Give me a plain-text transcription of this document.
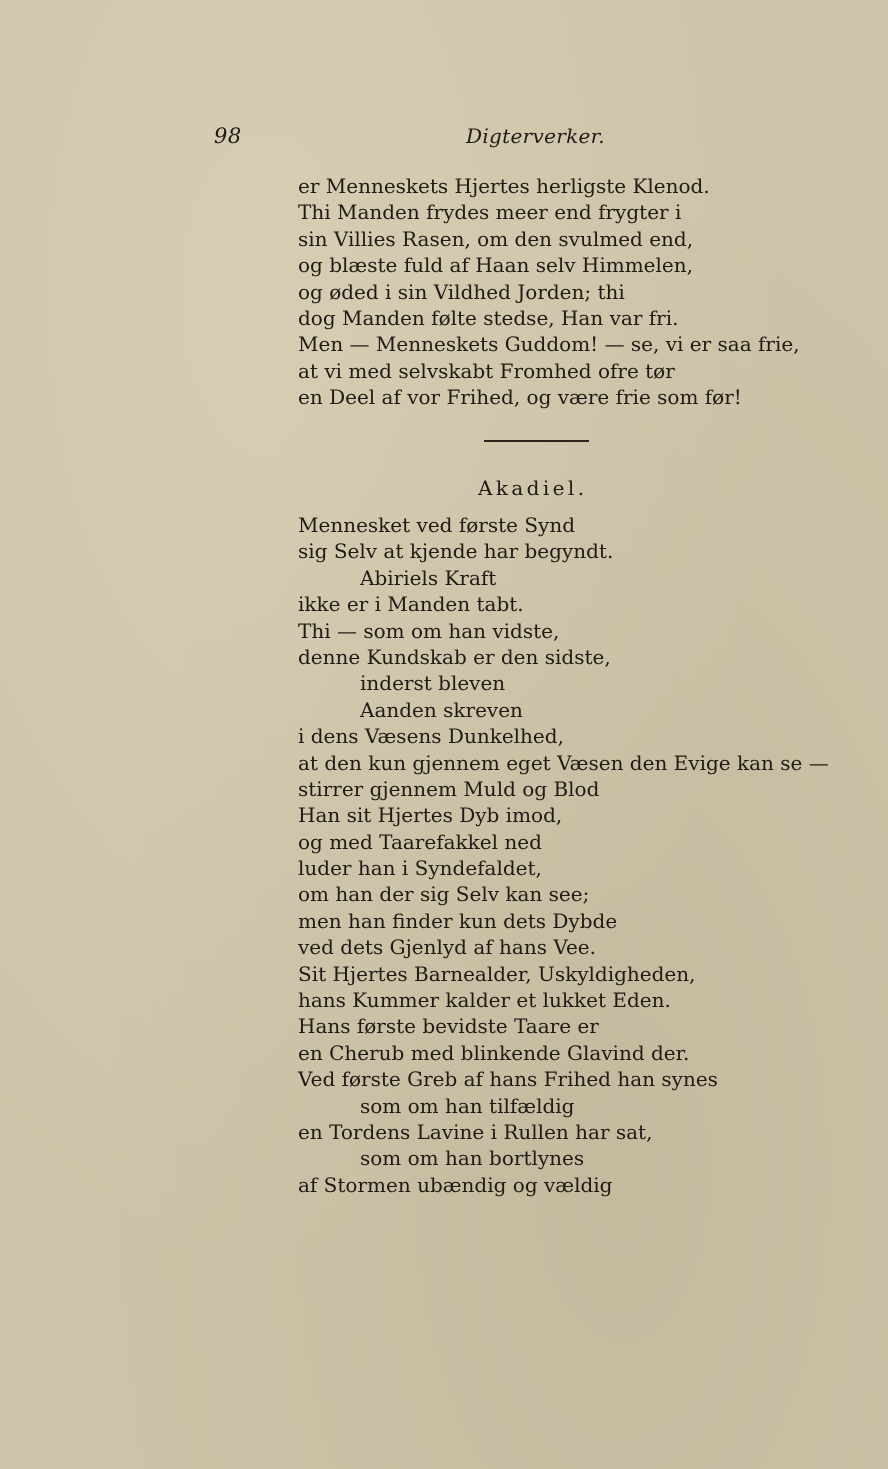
98	Digterverker.
er Menneskets Hjertes herligste Klenod.
Thi Manden frydes meer end frygter i
sin Villies Rasen, om den svulmed end,
og blæste fuld af Haan selv Himmelen,
og øded i sin Vildhed Jorden; thi
dog Manden følte stedse, Han var fri.
Men — Menneskets Guddom! — se, vi er saa frie,
at vi med selvskabt Fromhed ofre tør
en Deel af vor Frihed, og være frie som før!
Akadiel.
Mennesket ved første Synd
sig Selv at kjende har begyndt.
Abiriels Kraft
ikke er i Manden tabt.
Thi — som om han vidste,
denne Kundskab er den sidste,
inderst bleven
Aanden skreven
i dens Væsens Dunkelhed,
at den kun gjennem eget Væsen den Evige kan se —
stirrer gjennem Muld og Blod
Han sit Hjertes Dyb imod,
og med Taarefakkel ned
luder han i Syndefaldet,
om han der sig Selv kan see;
men han finder kun dets Dybde
ved dets Gjenlyd af hans Vee.
Sit Hjertes Barnealder, Uskyldigheden,
hans Kummer kalder et lukket Eden.
Hans første bevidste Taare er
en Cherub med blinkende Glavind der.
Ved første Greb af hans Frihed han synes
som om han tilfældig
en Tordens Lavine i Rullen har sat,
som om han bortlynes
af Stormen ubændig og vældig
